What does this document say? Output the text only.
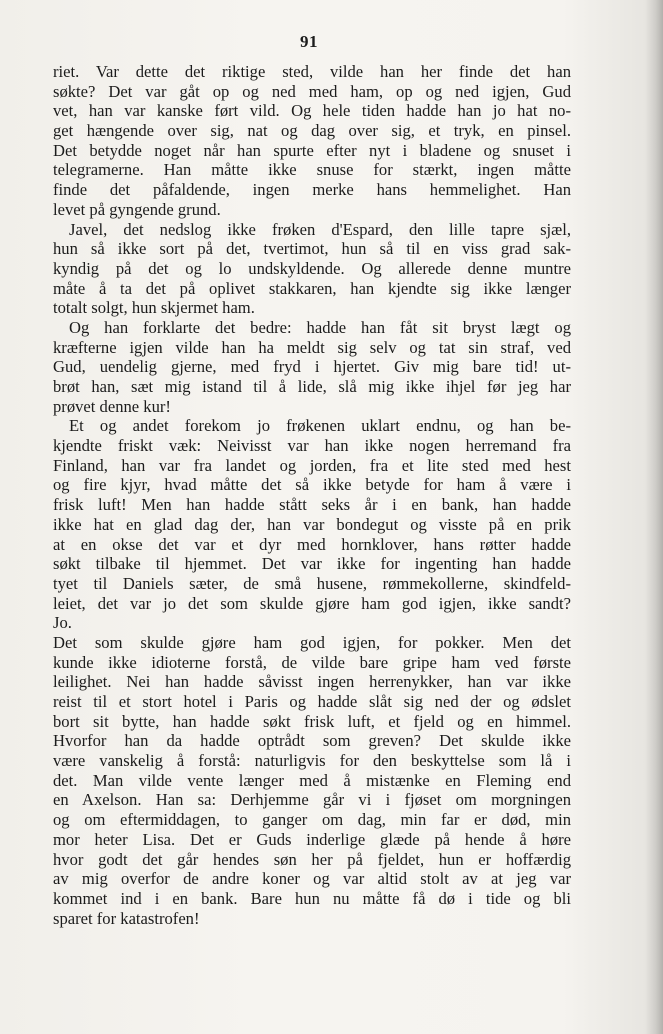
91
riet. Var dette det riktige sted, vilde han her finde det han
søkte? Det var gåt op og ned med ham, op og ned igjen, Gud
vet, han var kanske ført vild. Og hele tiden hadde han jo hat no-
get hængende over sig, nat og dag over sig, et tryk, en pinsel.
Det betydde noget når han spurte efter nyt i bladene og snuset i
telegramerne. Han måtte ikke snuse for stærkt, ingen måtte
finde det påfaldende, ingen merke hans hemmelighet. Han
levet på gyngende grund.
Javel, det nedslog ikke frøken d'Espard, den lille tapre sjæl,
hun så ikke sort på det, tvertimot, hun så til en viss grad sak-
kyndig på det og lo undskyldende. Og allerede denne muntre
måte å ta det på oplivet stakkaren, han kjendte sig ikke længer
totalt solgt, hun skjermet ham.
Og han forklarte det bedre: hadde han fåt sit bryst lægt og
kræfterne igjen vilde han ha meldt sig selv og tat sin straf, ved
Gud, uendelig gjerne, med fryd i hjertet. Giv mig bare tid! ut-
brøt han, sæt mig istand til å lide, slå mig ikke ihjel før jeg har
prøvet denne kur!
Et og andet forekom jo frøkenen uklart endnu, og han be-
kjendte friskt væk: Neivisst var han ikke nogen herremand fra
Finland, han var fra landet og jorden, fra et lite sted med hest
og fire kjyr, hvad måtte det så ikke betyde for ham å være i
frisk luft! Men han hadde stått seks år i en bank, han hadde
ikke hat en glad dag der, han var bondegut og visste på en prik
at en okse det var et dyr med hornklover, hans røtter hadde
søkt tilbake til hjemmet. Det var ikke for ingenting han hadde
tyet til Daniels sæter, de små husene, rømmekollerne, skindfeld-
leiet, det var jo det som skulde gjøre ham god igjen, ikke sandt?
Jo.
Det som skulde gjøre ham god igjen, for pokker. Men det
kunde ikke idioterne forstå, de vilde bare gripe ham ved første
leilighet. Nei han hadde såvisst ingen herrenykker, han var ikke
reist til et stort hotel i Paris og hadde slåt sig ned der og ødslet
bort sit bytte, han hadde søkt frisk luft, et fjeld og en himmel.
Hvorfor han da hadde optrådt som greven? Det skulde ikke
være vanskelig å forstå: naturligvis for den beskyttelse som lå i
det. Man vilde vente længer med å mistænke en Fleming end
en Axelson. Han sa: Derhjemme går vi i fjøset om morgningen
og om eftermiddagen, to ganger om dag, min far er død, min
mor heter Lisa. Det er Guds inderlige glæde på hende å høre
hvor godt det går hendes søn her på fjeldet, hun er hoffærdig
av mig overfor de andre koner og var altid stolt av at jeg var
kommet ind i en bank. Bare hun nu måtte få dø i tide og bli
sparet for katastrofen!
